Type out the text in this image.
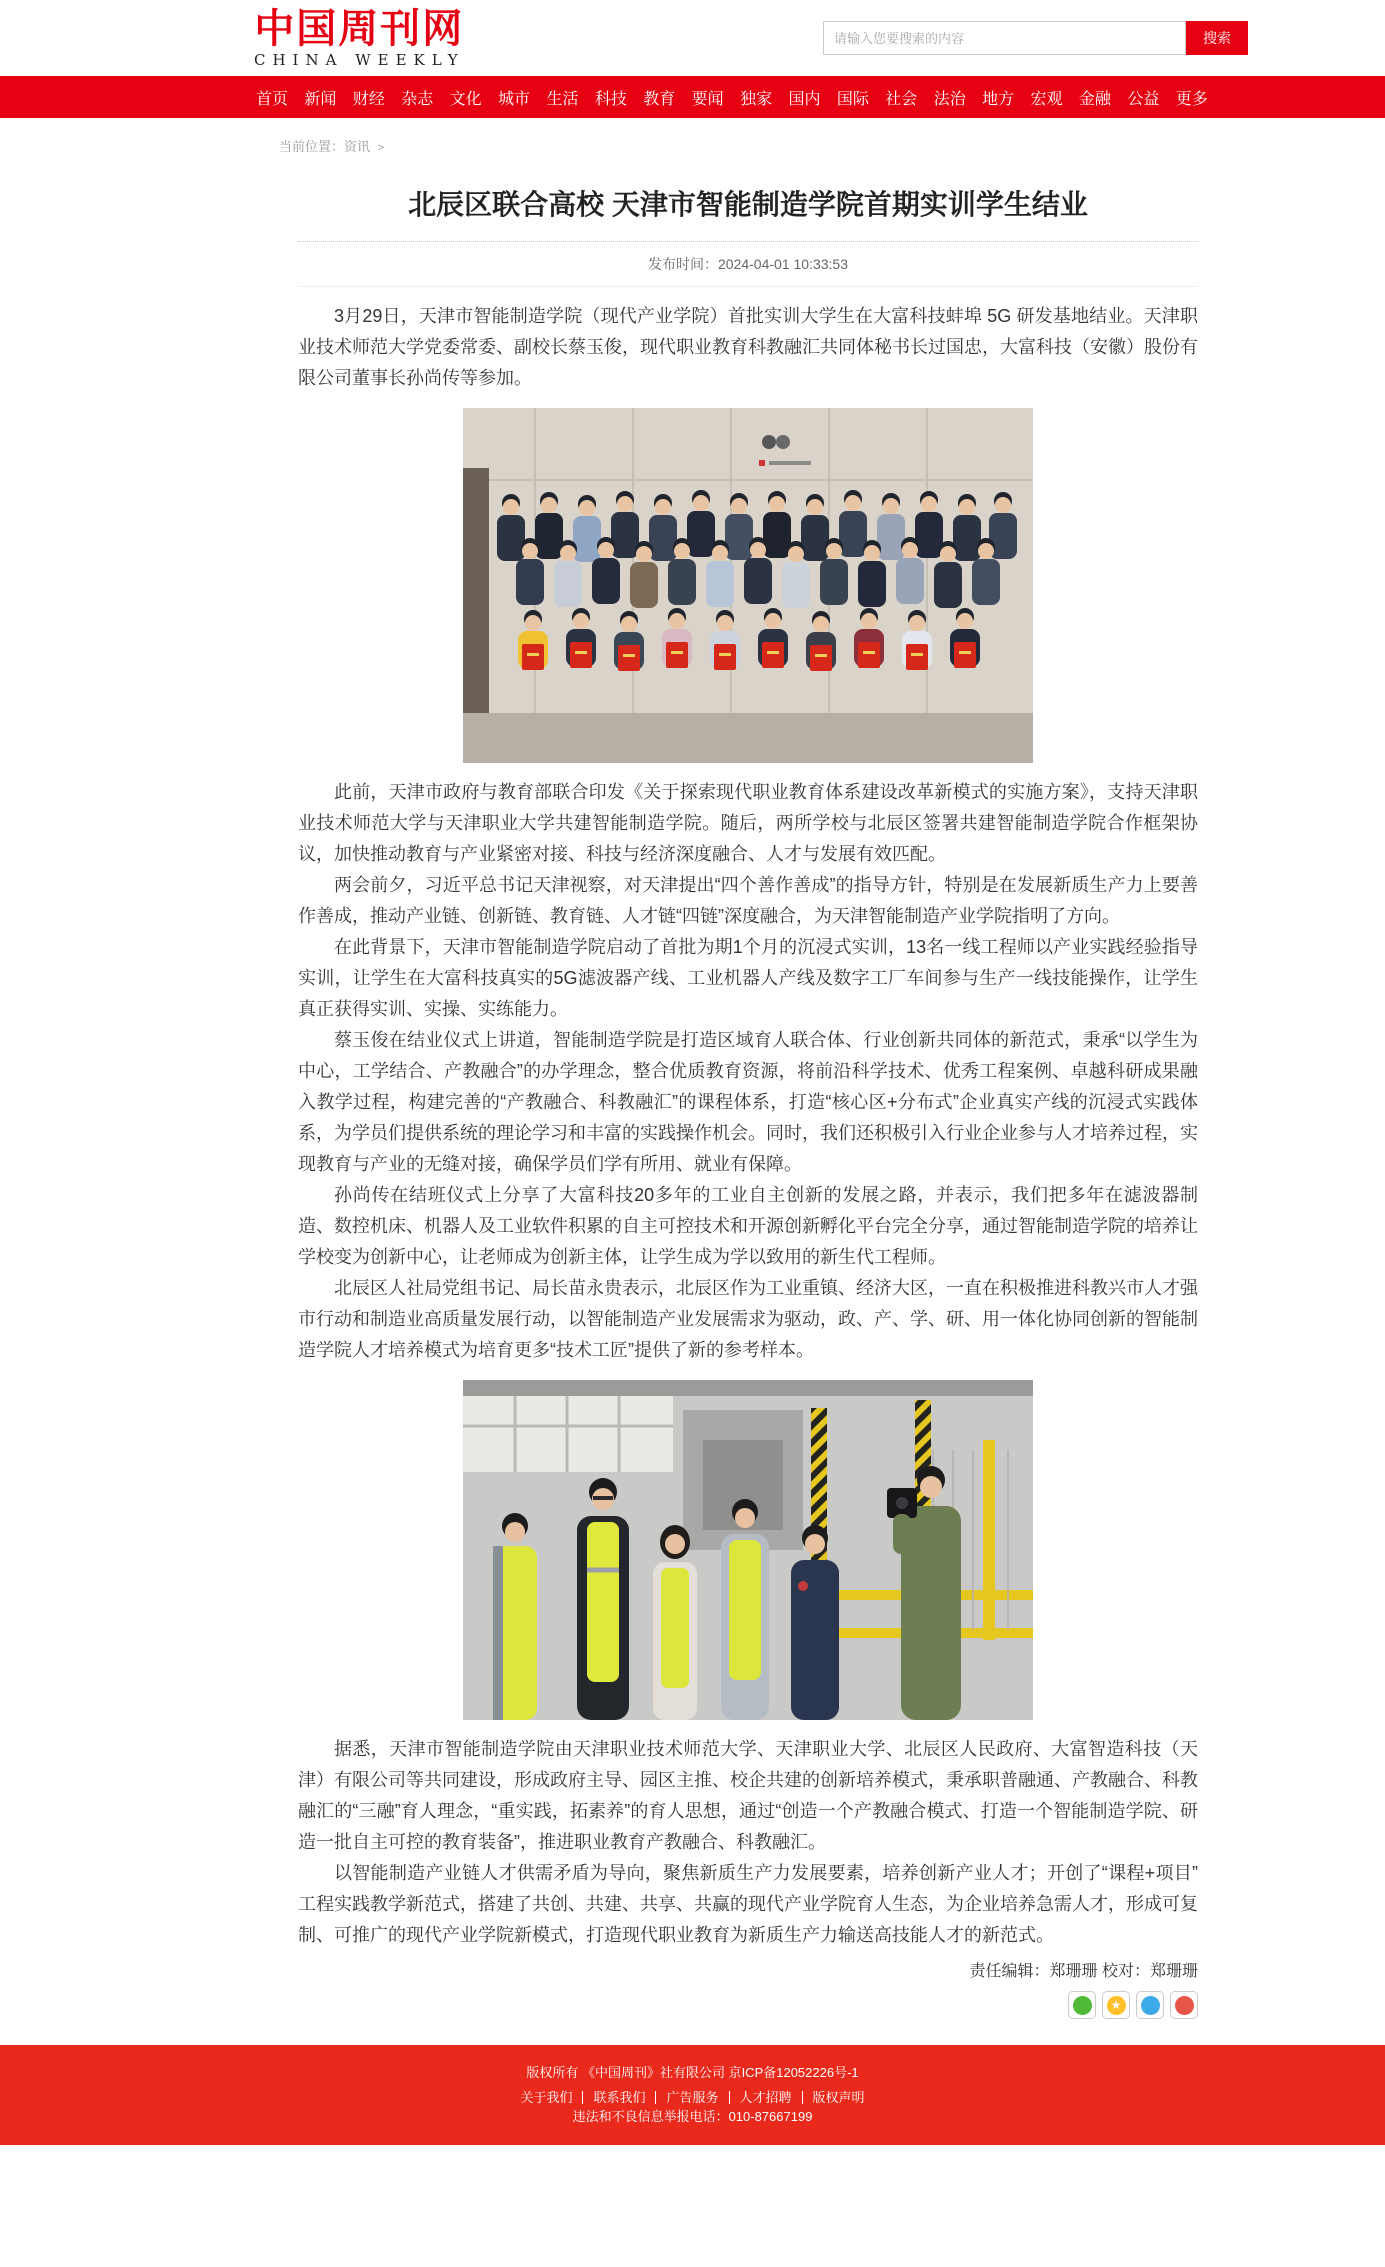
中国周刊网
CHINA WEEKLY
请输入您要搜索的内容
搜索
首页 新闻 财经 杂志 文化 城市 生活 科技 教育 要闻 独家 国内 国际 社会 法治 地方 宏观 金融 公益 更多
当前位置：资讯 >
北辰区联合高校 天津市智能制造学院首期实训学生结业
发布时间：2024-04-01 10:33:53

3月29日，天津市智能制造学院（现代产业学院）首批实训大学生在大富科技蚌埠 5G 研发基地结业。天津职业技术师范大学党委常委、副校长蔡玉俊，现代职业教育科教融汇共同体秘书长过国忠，大富科技（安徽）股份有限公司董事长孙尚传等参加。

此前，天津市政府与教育部联合印发《关于探索现代职业教育体系建设改革新模式的实施方案》，支持天津职业技术师范大学与天津职业大学共建智能制造学院。随后，两所学校与北辰区签署共建智能制造学院合作框架协议，加快推动教育与产业紧密对接、科技与经济深度融合、人才与发展有效匹配。

两会前夕，习近平总书记天津视察，对天津提出“四个善作善成”的指导方针，特别是在发展新质生产力上要善作善成，推动产业链、创新链、教育链、人才链“四链”深度融合，为天津智能制造产业学院指明了方向。

在此背景下，天津市智能制造学院启动了首批为期1个月的沉浸式实训，13名一线工程师以产业实践经验指导实训，让学生在大富科技真实的5G滤波器产线、工业机器人产线及数字工厂车间参与生产一线技能操作，让学生真正获得实训、实操、实练能力。

蔡玉俊在结业仪式上讲道，智能制造学院是打造区域育人联合体、行业创新共同体的新范式，秉承“以学生为中心，工学结合、产教融合”的办学理念，整合优质教育资源，将前沿科学技术、优秀工程案例、卓越科研成果融入教学过程，构建完善的“产教融合、科教融汇”的课程体系，打造“核心区+分布式”企业真实产线的沉浸式实践体系，为学员们提供系统的理论学习和丰富的实践操作机会。同时，我们还积极引入行业企业参与人才培养过程，实现教育与产业的无缝对接，确保学员们学有所用、就业有保障。

孙尚传在结班仪式上分享了大富科技20多年的工业自主创新的发展之路，并表示，我们把多年在滤波器制造、数控机床、机器人及工业软件积累的自主可控技术和开源创新孵化平台完全分享，通过智能制造学院的培养让学校变为创新中心，让老师成为创新主体，让学生成为学以致用的新生代工程师。

北辰区人社局党组书记、局长苗永贵表示，北辰区作为工业重镇、经济大区，一直在积极推进科教兴市人才强市行动和制造业高质量发展行动，以智能制造产业发展需求为驱动，政、产、学、研、用一体化协同创新的智能制造学院人才培养模式为培育更多“技术工匠”提供了新的参考样本。

据悉，天津市智能制造学院由天津职业技术师范大学、天津职业大学、北辰区人民政府、大富智造科技（天津）有限公司等共同建设，形成政府主导、园区主推、校企共建的创新培养模式，秉承职普融通、产教融合、科教融汇的“三融”育人理念，“重实践，拓素养”的育人思想，通过“创造一个产教融合模式、打造一个智能制造学院、研造一批自主可控的教育装备”，推进职业教育产教融合、科教融汇。

以智能制造产业链人才供需矛盾为导向，聚焦新质生产力发展要素，培养创新产业人才；开创了“课程+项目”工程实践教学新范式，搭建了共创、共建、共享、共赢的现代产业学院育人生态，为企业培养急需人才，形成可复制、可推广的现代产业学院新模式，打造现代职业教育为新质生产力输送高技能人才的新范式。

责任编辑：郑珊珊 校对：郑珊珊
★
版权所有 《中国周刊》社有限公司 京ICP备12052226号-1
关于我们	联系我们	广告服务	人才招聘	版权声明
违法和不良信息举报电话：010-87667199
